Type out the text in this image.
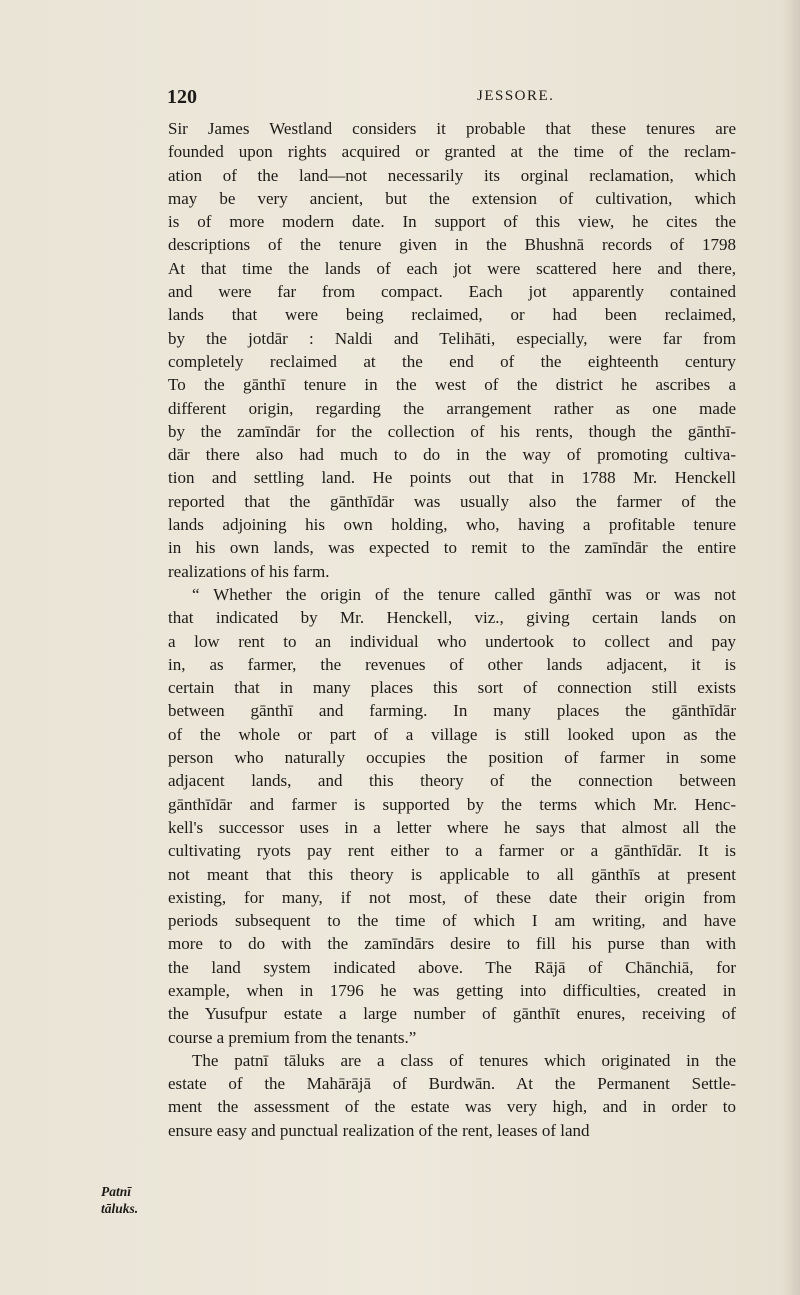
120	JESSORE.

Sir James Westland considers it probable that these tenures are
founded upon rights acquired or granted at the time of the reclam-
ation of the land—not necessarily its orginal reclamation, which
may be very ancient, but the extension of cultivation, which
is of more modern date. In support of this view, he cites the
descriptions of the tenure given in the Bhushnā records of 1798
At that time the lands of each jot were scattered here and there,
and were far from compact. Each jot apparently contained
lands that were being reclaimed, or had been reclaimed,
by the jotdār : Naldi and Telihāti, especially, were far from
completely reclaimed at the end of the eighteenth century
To the gānthī tenure in the west of the district he ascribes a
different origin, regarding the arrangement rather as one made
by the zamīndār for the collection of his rents, though the gānthī-
dār there also had much to do in the way of promoting cultiva-
tion and settling land. He points out that in 1788 Mr. Henckell
reported that the gānthīdār was usually also the farmer of the
lands adjoining his own holding, who, having a profitable tenure
in his own lands, was expected to remit to the zamīndār the entire
realizations of his farm.

“ Whether the origin of the tenure called gānthī was or was not
that indicated by Mr. Henckell, viz., giving certain lands on
a low rent to an individual who undertook to collect and pay
in, as farmer, the revenues of other lands adjacent, it is
certain that in many places this sort of connection still exists
between gānthī and farming. In many places the gānthīdār
of the whole or part of a village is still looked upon as the
person who naturally occupies the position of farmer in some
adjacent lands, and this theory of the connection between
gānthīdār and farmer is supported by the terms which Mr. Henc-
kell's successor uses in a letter where he says that almost all the
cultivating ryots pay rent either to a farmer or a gānthīdār. It is
not meant that this theory is applicable to all gānthīs at present
existing, for many, if not most, of these date their origin from
periods subsequent to the time of which I am writing, and have
more to do with the zamīndārs desire to fill his purse than with
the land system indicated above. The Rājā of Chānchiā, for
example, when in 1796 he was getting into difficulties, created in
the Yusufpur estate a large number of gānthīt enures, receiving of
course a premium from the tenants.”

The patnī tāluks are a class of tenures which originated in the
estate of the Mahārājā of Burdwān. At the Permanent Settle-
ment the assessment of the estate was very high, and in order to
ensure easy and punctual realization of the rent, leases of land

Patnī
tāluks.
